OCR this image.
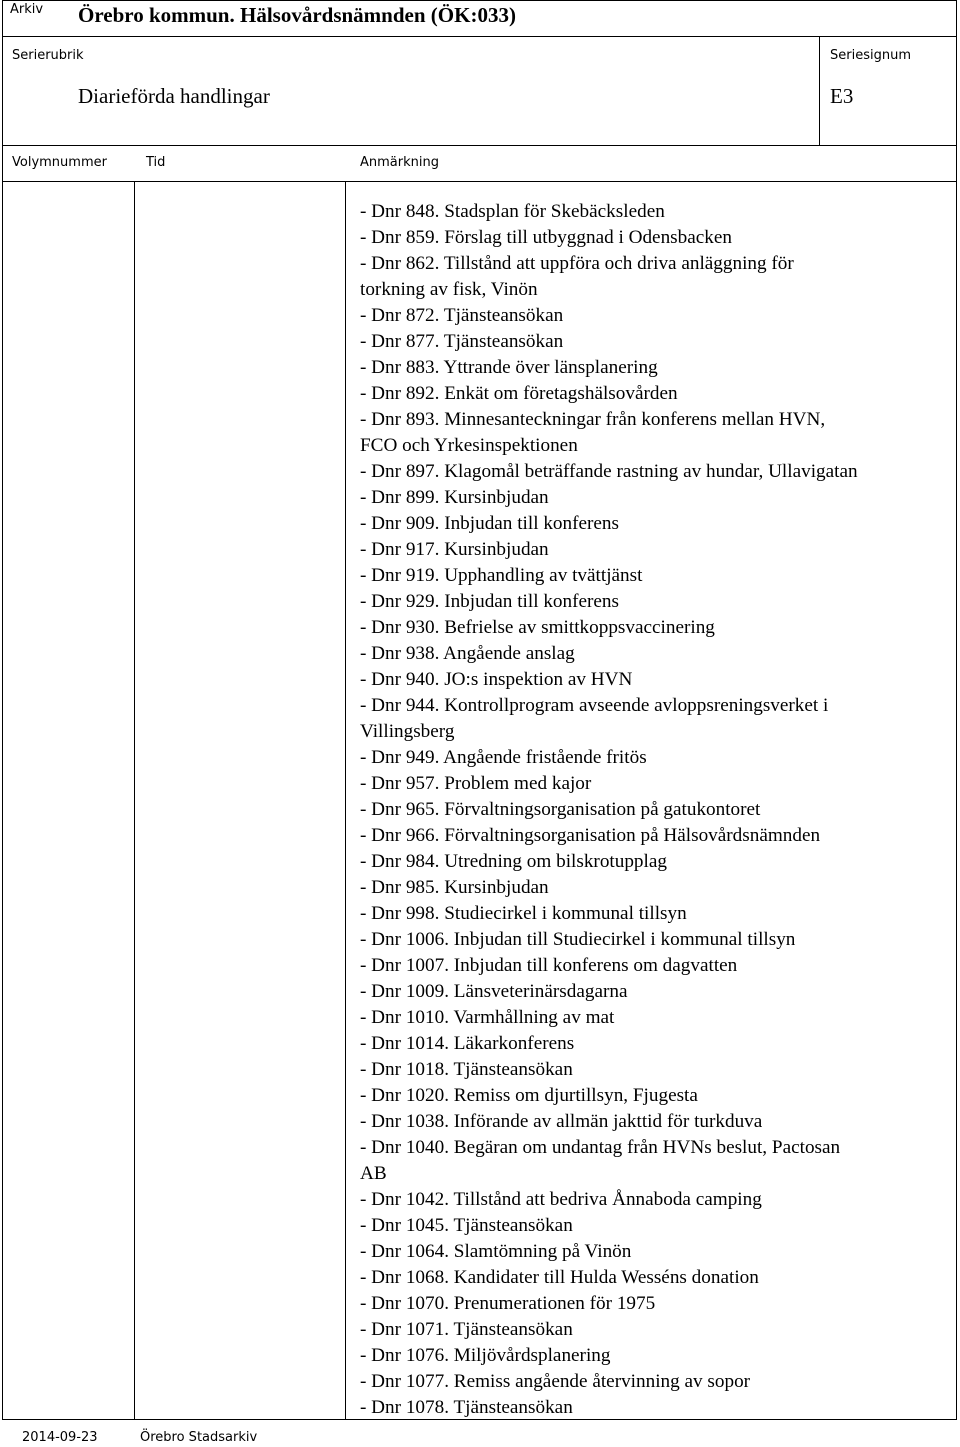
Arkiv Örebro kommun. Hälsovårdsnämnden (ÖK:033)
Serierubrik
Diarieförda handlingar
Seriesignum
E3
Volymnummer	Tid	Anmärkning
- Dnr 848. Stadsplan för Skebäcksleden
- Dnr 859. Förslag till utbyggnad i Odensbacken
- Dnr 862. Tillstånd att uppföra och driva anläggning för
torkning av fisk, Vinön
- Dnr 872. Tjänsteansökan
- Dnr 877. Tjänsteansökan
- Dnr 883. Yttrande över länsplanering
- Dnr 892. Enkät om företagshälsovården
- Dnr 893. Minnesanteckningar från konferens mellan HVN,
FCO och Yrkesinspektionen
- Dnr 897. Klagomål beträffande rastning av hundar, Ullavigatan
- Dnr 899. Kursinbjudan
- Dnr 909. Inbjudan till konferens
- Dnr 917. Kursinbjudan
- Dnr 919. Upphandling av tvättjänst
- Dnr 929. Inbjudan till konferens
- Dnr 930. Befrielse av smittkoppsvaccinering
- Dnr 938. Angående anslag
- Dnr 940. JO:s inspektion av HVN
- Dnr 944. Kontrollprogram avseende avloppsreningsverket i
Villingsberg
- Dnr 949. Angående fristående fritös
- Dnr 957. Problem med kajor
- Dnr 965. Förvaltningsorganisation på gatukontoret
- Dnr 966. Förvaltningsorganisation på Hälsovårdsnämnden
- Dnr 984. Utredning om bilskrotupplag
- Dnr 985. Kursinbjudan
- Dnr 998. Studiecirkel i kommunal tillsyn
- Dnr 1006. Inbjudan till Studiecirkel i kommunal tillsyn
- Dnr 1007. Inbjudan till konferens om dagvatten
- Dnr 1009. Länsveterinärsdagarna
- Dnr 1010. Varmhållning av mat
- Dnr 1014. Läkarkonferens
- Dnr 1018. Tjänsteansökan
- Dnr 1020. Remiss om djurtillsyn, Fjugesta
- Dnr 1038. Införande av allmän jakttid för turkduva
- Dnr 1040. Begäran om undantag från HVNs beslut, Pactosan
AB
- Dnr 1042. Tillstånd att bedriva Ånnaboda camping
- Dnr 1045. Tjänsteansökan
- Dnr 1064. Slamtömning på Vinön
- Dnr 1068. Kandidater till Hulda Wesséns donation
- Dnr 1070. Prenumerationen för 1975
- Dnr 1071. Tjänsteansökan
- Dnr 1076. Miljövårdsplanering
- Dnr 1077. Remiss angående återvinning av sopor
- Dnr 1078. Tjänsteansökan
2014-09-23	Örebro Stadsarkiv
